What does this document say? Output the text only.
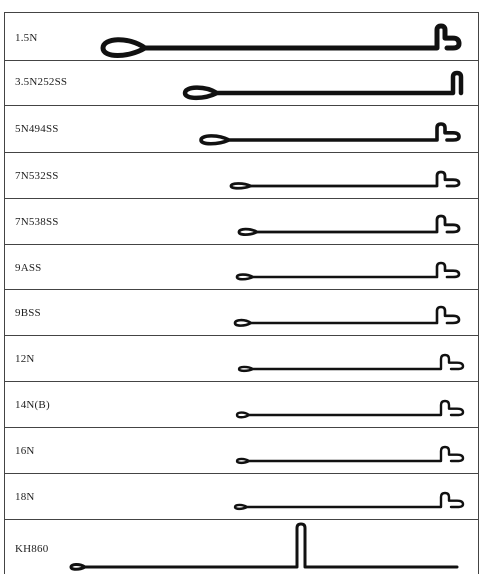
1.5N
3.5N252SS
5N494SS
7N532SS
7N538SS
9ASS
9BSS
12N
14N(B)
16N
18N
KH860
